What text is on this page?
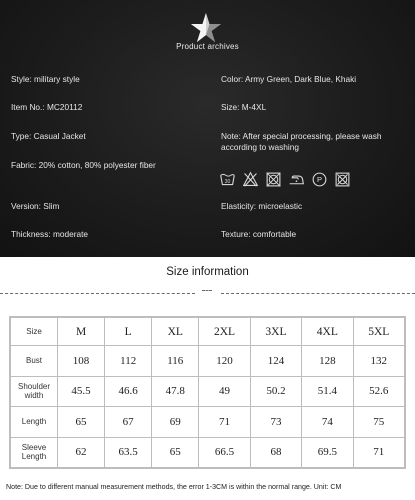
Product archives
Style: military style
Item No.: MC20112
Type: Casual Jacket
Fabric: 20% cotton, 80% polyester fiber
Version: Slim
Thickness: moderate
Color: Army Green, Dark Blue, Khaki
Size: M-4XL
Note: After special processing, please wash according to washing
30	P
Elasticity: microelastic
Texture: comfortable
Size information
Size	M	L	XL	2XL	3XL	4XL	5XL
Bust	108	112	116	120	124	128	132
Shoulder width	45.5	46.6	47.8	49	50.2	51.4	52.6
Length	65	67	69	71	73	74	75
Sleeve Length	62	63.5	65	66.5	68	69.5	71
Note: Due to different manual measurement methods, the error 1-3CM is within the normal range. Unit: CM
